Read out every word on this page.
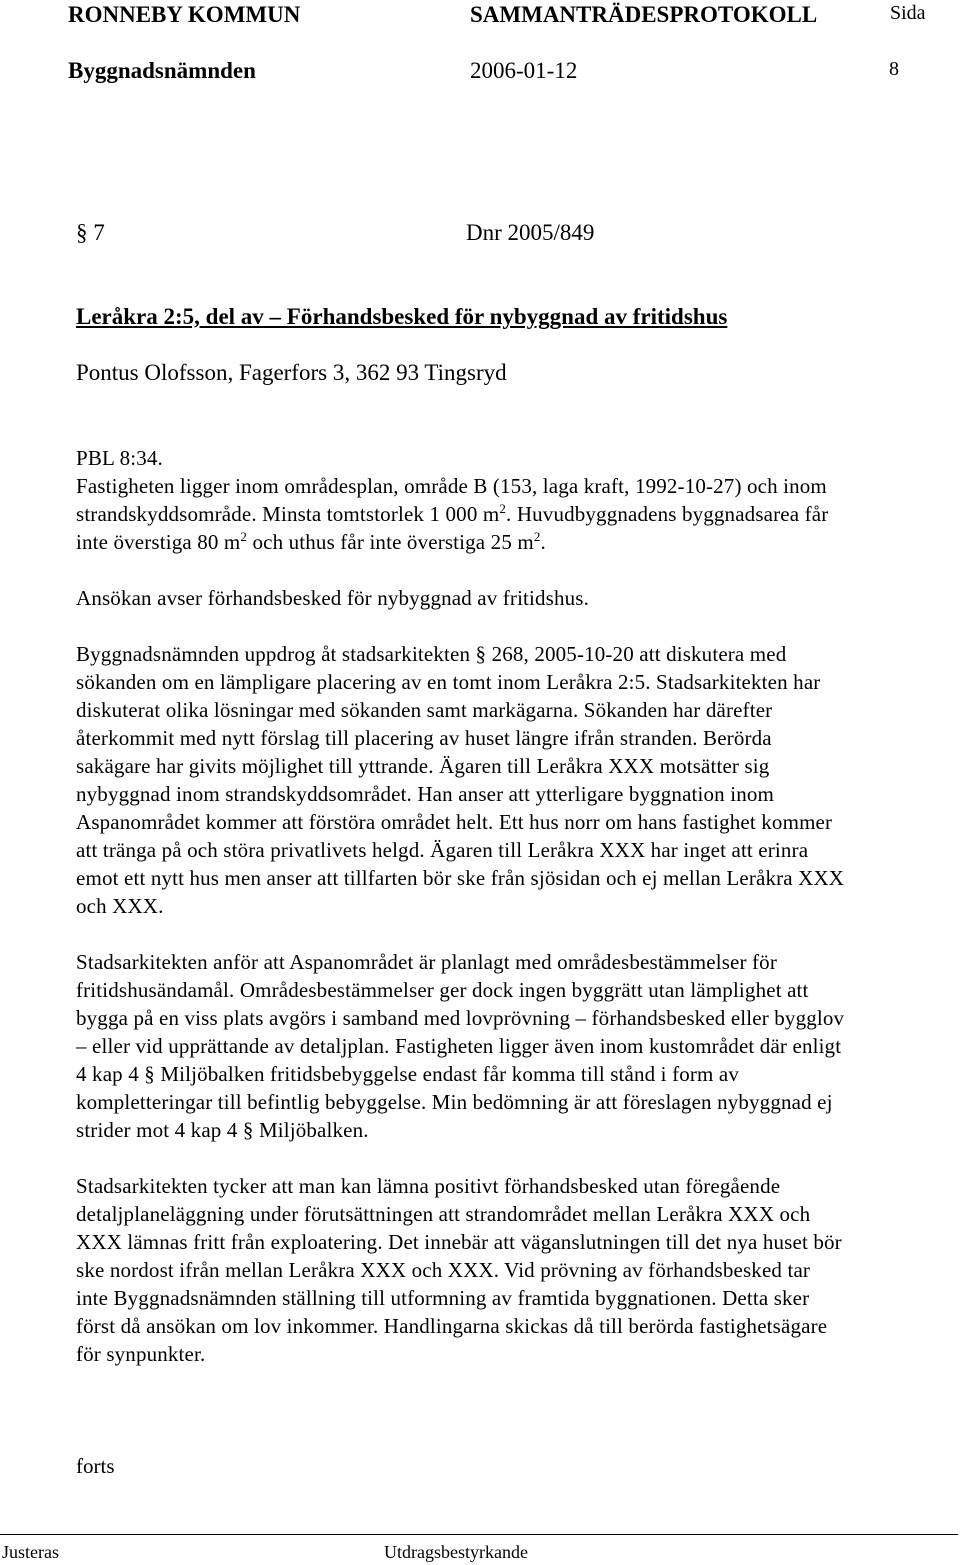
RONNEBY KOMMUN	SAMMANTRÄDESPROTOKOLL	Sida
Byggnadsnämnden	2006-01-12	8
§ 7	Dnr 2005/849
Leråkra 2:5, del av – Förhandsbesked för nybyggnad av fritidshus
Pontus Olofsson, Fagerfors 3, 362 93 Tingsryd
PBL 8:34.
Fastigheten ligger inom områdesplan, område B (153, laga kraft, 1992-10-27) och inom
strandskyddsområde. Minsta tomtstorlek 1 000 $m^2$. Huvudbyggnadens byggnadsarea får
inte överstiga 80 $m^2$ och uthus får inte överstiga 25 $m^2$.
Ansökan avser förhandsbesked för nybyggnad av fritidshus.
Byggnadsnämnden uppdrog åt stadsarkitekten § 268, 2005-10-20 att diskutera med
sökanden om en lämpligare placering av en tomt inom Leråkra 2:5. Stadsarkitekten har
diskuterat olika lösningar med sökanden samt markägarna. Sökanden har därefter
återkommit med nytt förslag till placering av huset längre ifrån stranden. Berörda
sakägare har givits möjlighet till yttrande. Ägaren till Leråkra XXX motsätter sig
nybyggnad inom strandskyddsområdet. Han anser att ytterligare byggnation inom
Aspanområdet kommer att förstöra området helt. Ett hus norr om hans fastighet kommer
att tränga på och störa privatlivets helgd. Ägaren till Leråkra XXX har inget att erinra
emot ett nytt hus men anser att tillfarten bör ske från sjösidan och ej mellan Leråkra XXX
och XXX.
Stadsarkitekten anför att Aspanområdet är planlagt med områdesbestämmelser för
fritidshusändamål. Områdesbestämmelser ger dock ingen byggrätt utan lämplighet att
bygga på en viss plats avgörs i samband med lovprövning – förhandsbesked eller bygglov
– eller vid upprättande av detaljplan. Fastigheten ligger även inom kustområdet där enligt
4 kap 4 § Miljöbalken fritidsbebyggelse endast får komma till stånd i form av
kompletteringar till befintlig bebyggelse. Min bedömning är att föreslagen nybyggnad ej
strider mot 4 kap 4 § Miljöbalken.
Stadsarkitekten tycker att man kan lämna positivt förhandsbesked utan föregående
detaljplaneläggning under förutsättningen att strandområdet mellan Leråkra XXX och
XXX lämnas fritt från exploatering. Det innebär att väganslutningen till det nya huset bör
ske nordost ifrån mellan Leråkra XXX och XXX. Vid prövning av förhandsbesked tar
inte Byggnadsnämnden ställning till utformning av framtida byggnationen. Detta sker
först då ansökan om lov inkommer. Handlingarna skickas då till berörda fastighetsägare
för synpunkter.
forts
Justeras	Utdragsbestyrkande
